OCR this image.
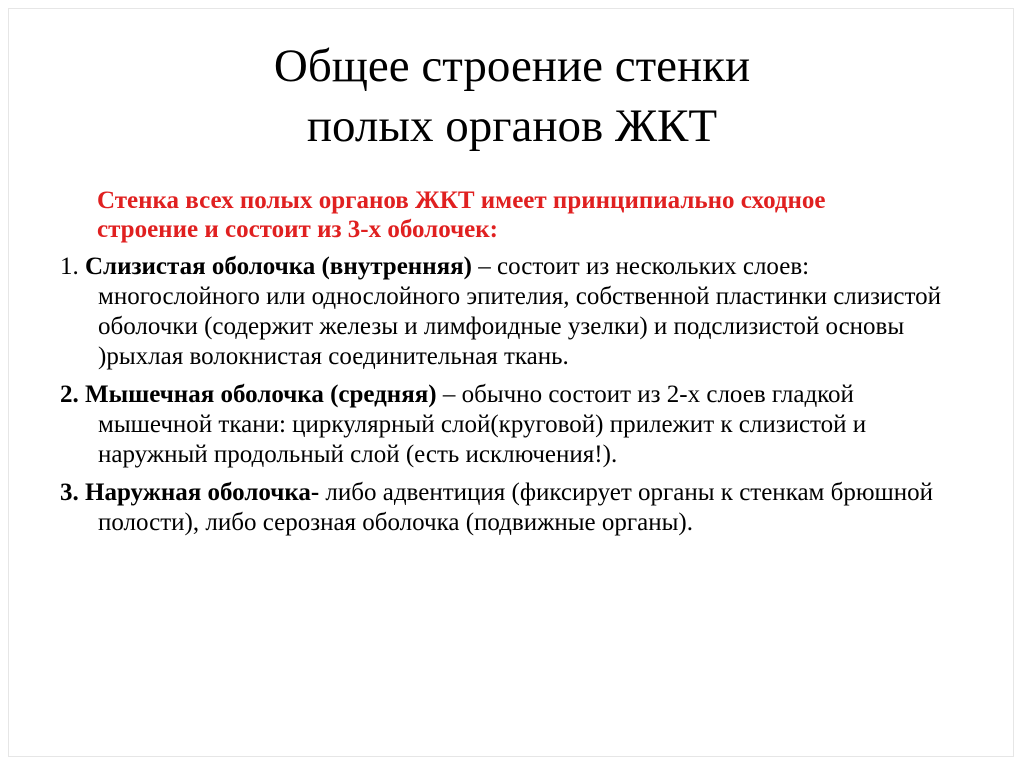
Общее строение стенки
полых органов ЖКТ

Стенка всех полых органов ЖКТ имеет принципиально сходное строение и состоит из 3-х оболочек:

1. Слизистая оболочка (внутренняя) – состоит из нескольких слоев: многослойного или однослойного эпителия, собственной пластинки слизистой оболочки (содержит железы и лимфоидные узелки) и подслизистой основы )рыхлая волокнистая соединительная ткань.
2. Мышечная оболочка (средняя) – обычно состоит из 2-х слоев гладкой мышечной ткани: циркулярный слой(круговой) прилежит к слизистой и наружный продольный слой (есть исключения!).
3. Наружная оболочка- либо адвентиция (фиксирует органы к стенкам брюшной полости), либо серозная оболочка (подвижные органы).
